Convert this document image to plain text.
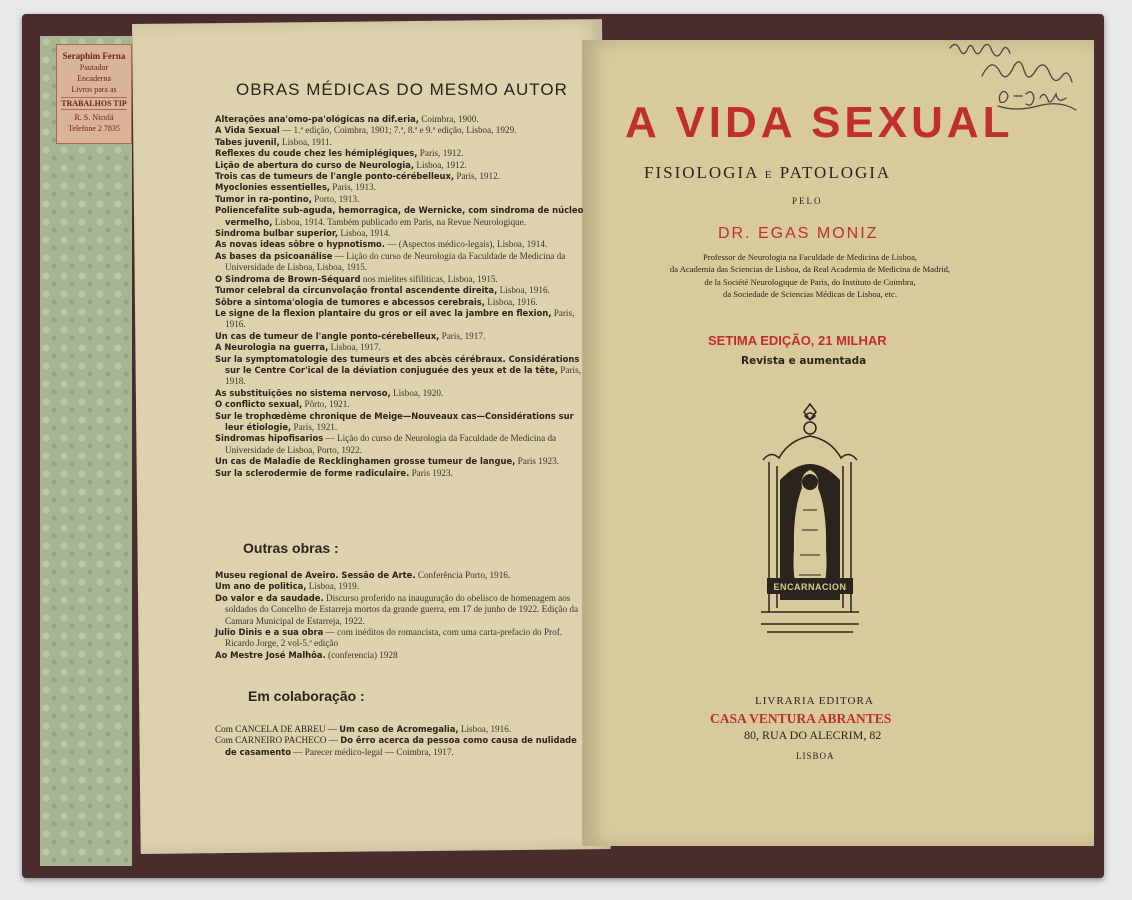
Seraphim Ferna
Pautador
Encaderna
Livros para as
TRABALHOS TIP
R. S. Nicolá
Telefone 2 7835
OBRAS MÉDICAS DO MESMO AUTOR

Alterações ana'omo-pa'ológicas na dif.eria, Coimbra, 1900.

A Vida Sexual — 1.ª edição, Coimbra, 1901; 7.ª, 8.ª e 9.ª edição, Lisboa, 1929.

Tabes juvenil, Lisboa, 1911.

Reflexes du coude chez les hémiplégiques, Paris, 1912.

Lição de abertura do curso de Neurologia, Lisboa, 1912.

Trois cas de tumeurs de l'angle ponto-cérébelleux, Paris, 1912.

Myoclonies essentielles, Paris, 1913.

Tumor in ra-pontino, Porto, 1913.

Poliencefalite sub-aguda, hemorragica, de Wernicke, com sindroma de núcleo vermelho, Lisboa, 1914. Também publicado em Paris, na Revue Neurologique.

Sindroma bulbar superior, Lisboa, 1914.

As novas ideas sôbre o hypnotismo. — (Aspectos médico-legais), Lisboa, 1914.

As bases da psicoanálise — Lição do curso de Neurologia da Faculdade de Medicina da Universidade de Lisboa, Lisboa, 1915.

O Sindroma de Brown-Séquard nos mielites sifiliticas, Lisboa, 1915.

Tumor celebral da circunvolação frontal ascendente direita, Lisboa, 1916.

Sôbre a sintoma'ologia de tumores e abcessos cerebrais, Lisboa, 1916.

Le signe de la flexion plantaire du gros or eil avec la jambre en flexion, Paris, 1916.

Un cas de tumeur de l'angle ponto-cérebelleux, Paris, 1917.

A Neurologia na guerra, Lisboa, 1917.

Sur la symptomatologie des tumeurs et des abcès cérébraux. Considérations sur le Centre Cor'ical de la déviation conjuguée des yeux et de la tête, Paris, 1918.

As substituições no sistema nervoso, Lisboa, 1920.

O conflicto sexual, Pôrto, 1921.

Sur le trophœdème chronique de Meige—Nouveaux cas—Considérations sur leur étiologie, Paris, 1921.

Sindromas hipofisarios — Lição do curso de Neurologia da Faculdade de Medicina da Universidade de Lisboa, Porto, 1922.

Un cas de Maladie de Recklinghamen grosse tumeur de langue, Paris 1923.

Sur la sclerodermie de forme radiculaire. Paris 1923.

Outras obras :

Museu regional de Aveiro. Sessão de Arte. Conferência Porto, 1916.

Um ano de politica, Lisboa, 1919.

Do valor e da saudade. Discurso proferido na inauguração do obelisco de homenagem aos soldados do Concelho de Estarreja mortos da grande guerra, em 17 de junho de 1922. Edição da Camara Municipal de Estarreja, 1922.

Julio Dinis e a sua obra — com inéditos do romancista, com uma carta-prefacio do Prof. Ricardo Jorge, 2 vol-5.ª edição

Ao Mestre José Malhôa. (conferencia) 1928

Em colaboração :

Com CANCELA DE ABREU — Um caso de Acromegalia, Lisboa, 1916.

Com CARNEIRO PACHECO — Do êrro acerca da pessoa como causa de nulidade de casamento — Parecer médico-legal — Coimbra, 1917.

A VIDA SEXUAL
FISIOLOGIA E PATOLOGIA
PELO
DR. EGAS MONIZ
Professor de Neurologia na Faculdade de Medicina de Lisboa,
da Academia das Sciencias de Lisboa, da Real Academia de Medicina de Madrid,
de la Société Neurologique de Paris, do Instituto de Coimbra,
da Sociedade de Sciencias Médicas de Lisboa, etc.
SETIMA EDIÇÃO, 21 MILHAR
Revista e aumentada
ENCARNACION
LIVRARIA EDITORA
CASA VENTURA ABRANTES
80, RUA DO ALECRIM, 82
LISBOA
